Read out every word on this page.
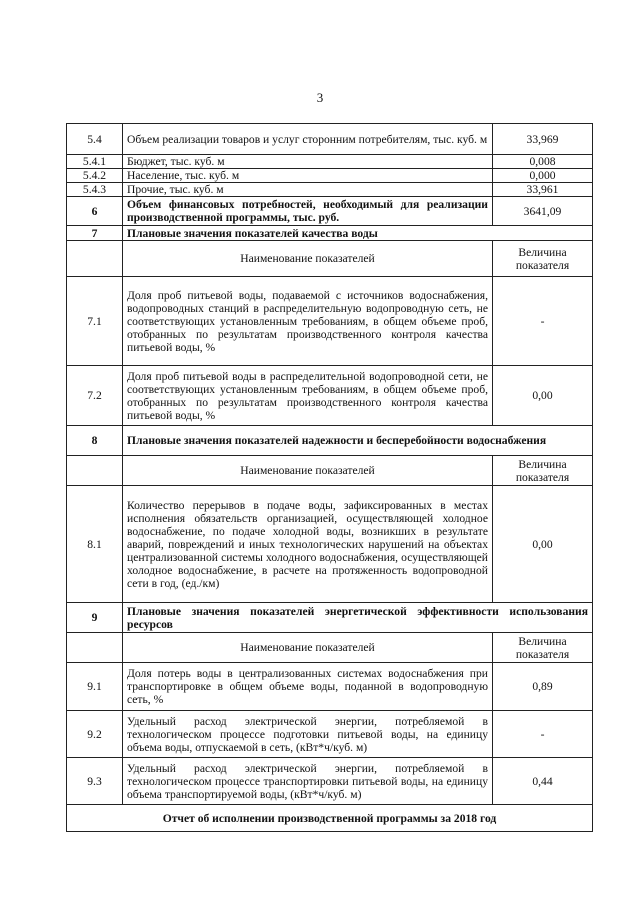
3
5.4	Объем реализации товаров и услуг сторонним потребителям, тыс. куб. м	33,969
5.4.1	Бюджет, тыс. куб. м	0,008
5.4.2	Население, тыс. куб. м	0,000
5.4.3	Прочие, тыс. куб. м	33,961
6	Объем финансовых потребностей, необходимый для реализации производственной программы, тыс. руб.	3641,09
7	Плановые значения показателей качества воды	
	Наименование показателей	Величина показателя
7.1	Доля проб питьевой воды, подаваемой с источников водоснабжения, водопроводных станций в распределительную водопроводную сеть, не соответствующих установленным требованиям, в общем объеме проб, отобранных по результатам производственного контроля качества питьевой воды, %	-
7.2	Доля проб питьевой воды в распределительной водопроводной сети, не соответствующих установленным требованиям, в общем объеме проб, отобранных по результатам производственного контроля качества питьевой воды, %	0,00
8	Плановые значения показателей надежности и бесперебойности водоснабжения	
	Наименование показателей	Величина показателя
8.1	Количество перерывов в подаче воды, зафиксированных в местах исполнения обязательств организацией, осуществляющей холодное водоснабжение, по подаче холодной воды, возникших в результате аварий, повреждений и иных технологических нарушений на объектах централизованной системы холодного водоснабжения, осуществляющей холодное водоснабжение, в расчете на протяженность водопроводной сети в год, (ед./км)	0,00
9	Плановые значения показателей энергетической эффективности использования ресурсов	
	Наименование показателей	Величина показателя
9.1	Доля потерь воды в централизованных системах водоснабжения при транспортировке в общем объеме воды, поданной в водопроводную сеть, %	0,89
9.2	Удельный расход электрической энергии, потребляемой в технологическом процессе подготовки питьевой воды, на единицу объема воды, отпускаемой в сеть, (кВт*ч/куб. м)	-
9.3	Удельный расход электрической энергии, потребляемой в технологическом процессе транспортировки питьевой воды, на единицу объема транспортируемой воды, (кВт*ч/куб. м)	0,44
Отчет об исполнении производственной программы за 2018 год		
